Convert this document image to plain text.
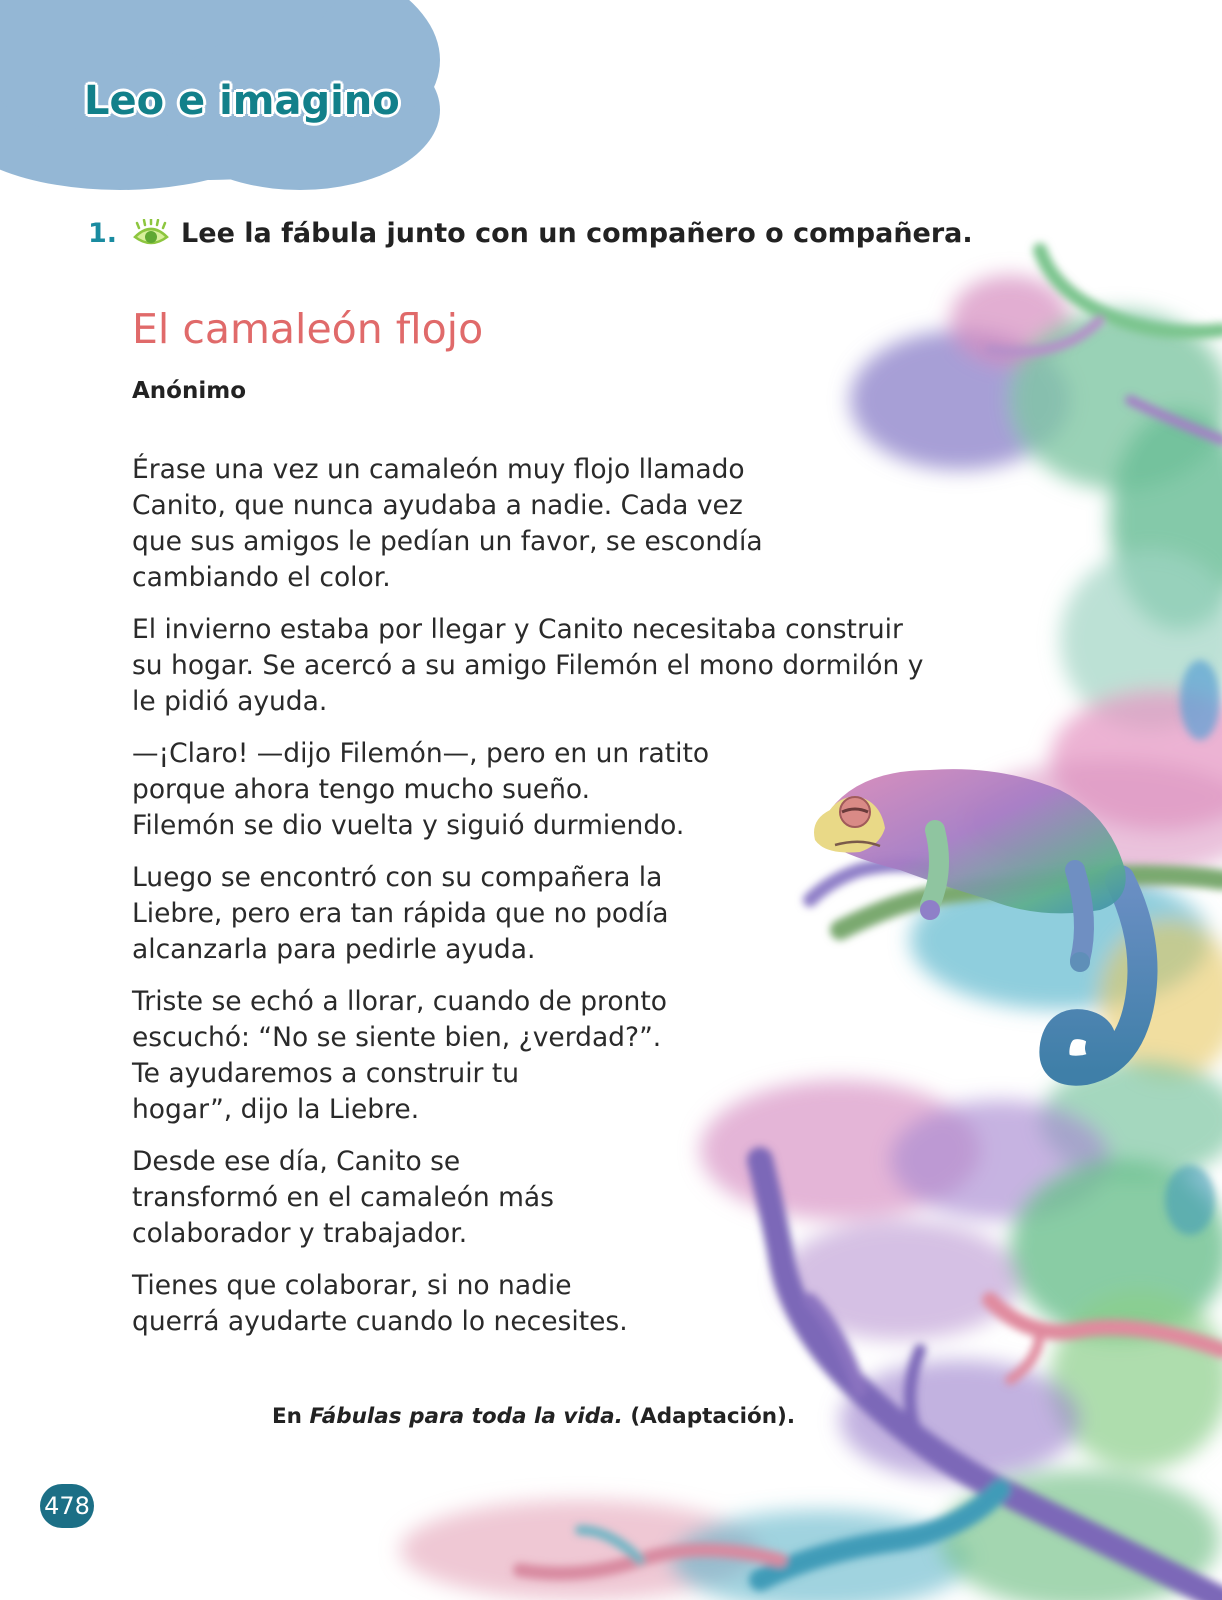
Leo e imagino
1. Lee la fábula junto con un compañero o compañera.
El camaleón flojo
Anónimo

Érase una vez un camaleón muy flojo llamado
Canito, que nunca ayudaba a nadie. Cada vez
que sus amigos le pedían un favor, se escondía
cambiando el color.

El invierno estaba por llegar y Canito necesitaba construir
su hogar. Se acercó a su amigo Filemón el mono dormilón y
le pidió ayuda.

—¡Claro! —dijo Filemón—, pero en un ratito
porque ahora tengo mucho sueño.
Filemón se dio vuelta y siguió durmiendo.

Luego se encontró con su compañera la
Liebre, pero era tan rápida que no podía
alcanzarla para pedirle ayuda.

Triste se echó a llorar, cuando de pronto
escuchó: “No se siente bien, ¿verdad?”.
Te ayudaremos a construir tu
hogar”, dijo la Liebre.

Desde ese día, Canito se
transformó en el camaleón más
colaborador y trabajador.

Tienes que colaborar, si no nadie
querrá ayudarte cuando lo necesites.

En Fábulas para toda la vida. (Adaptación).
478
